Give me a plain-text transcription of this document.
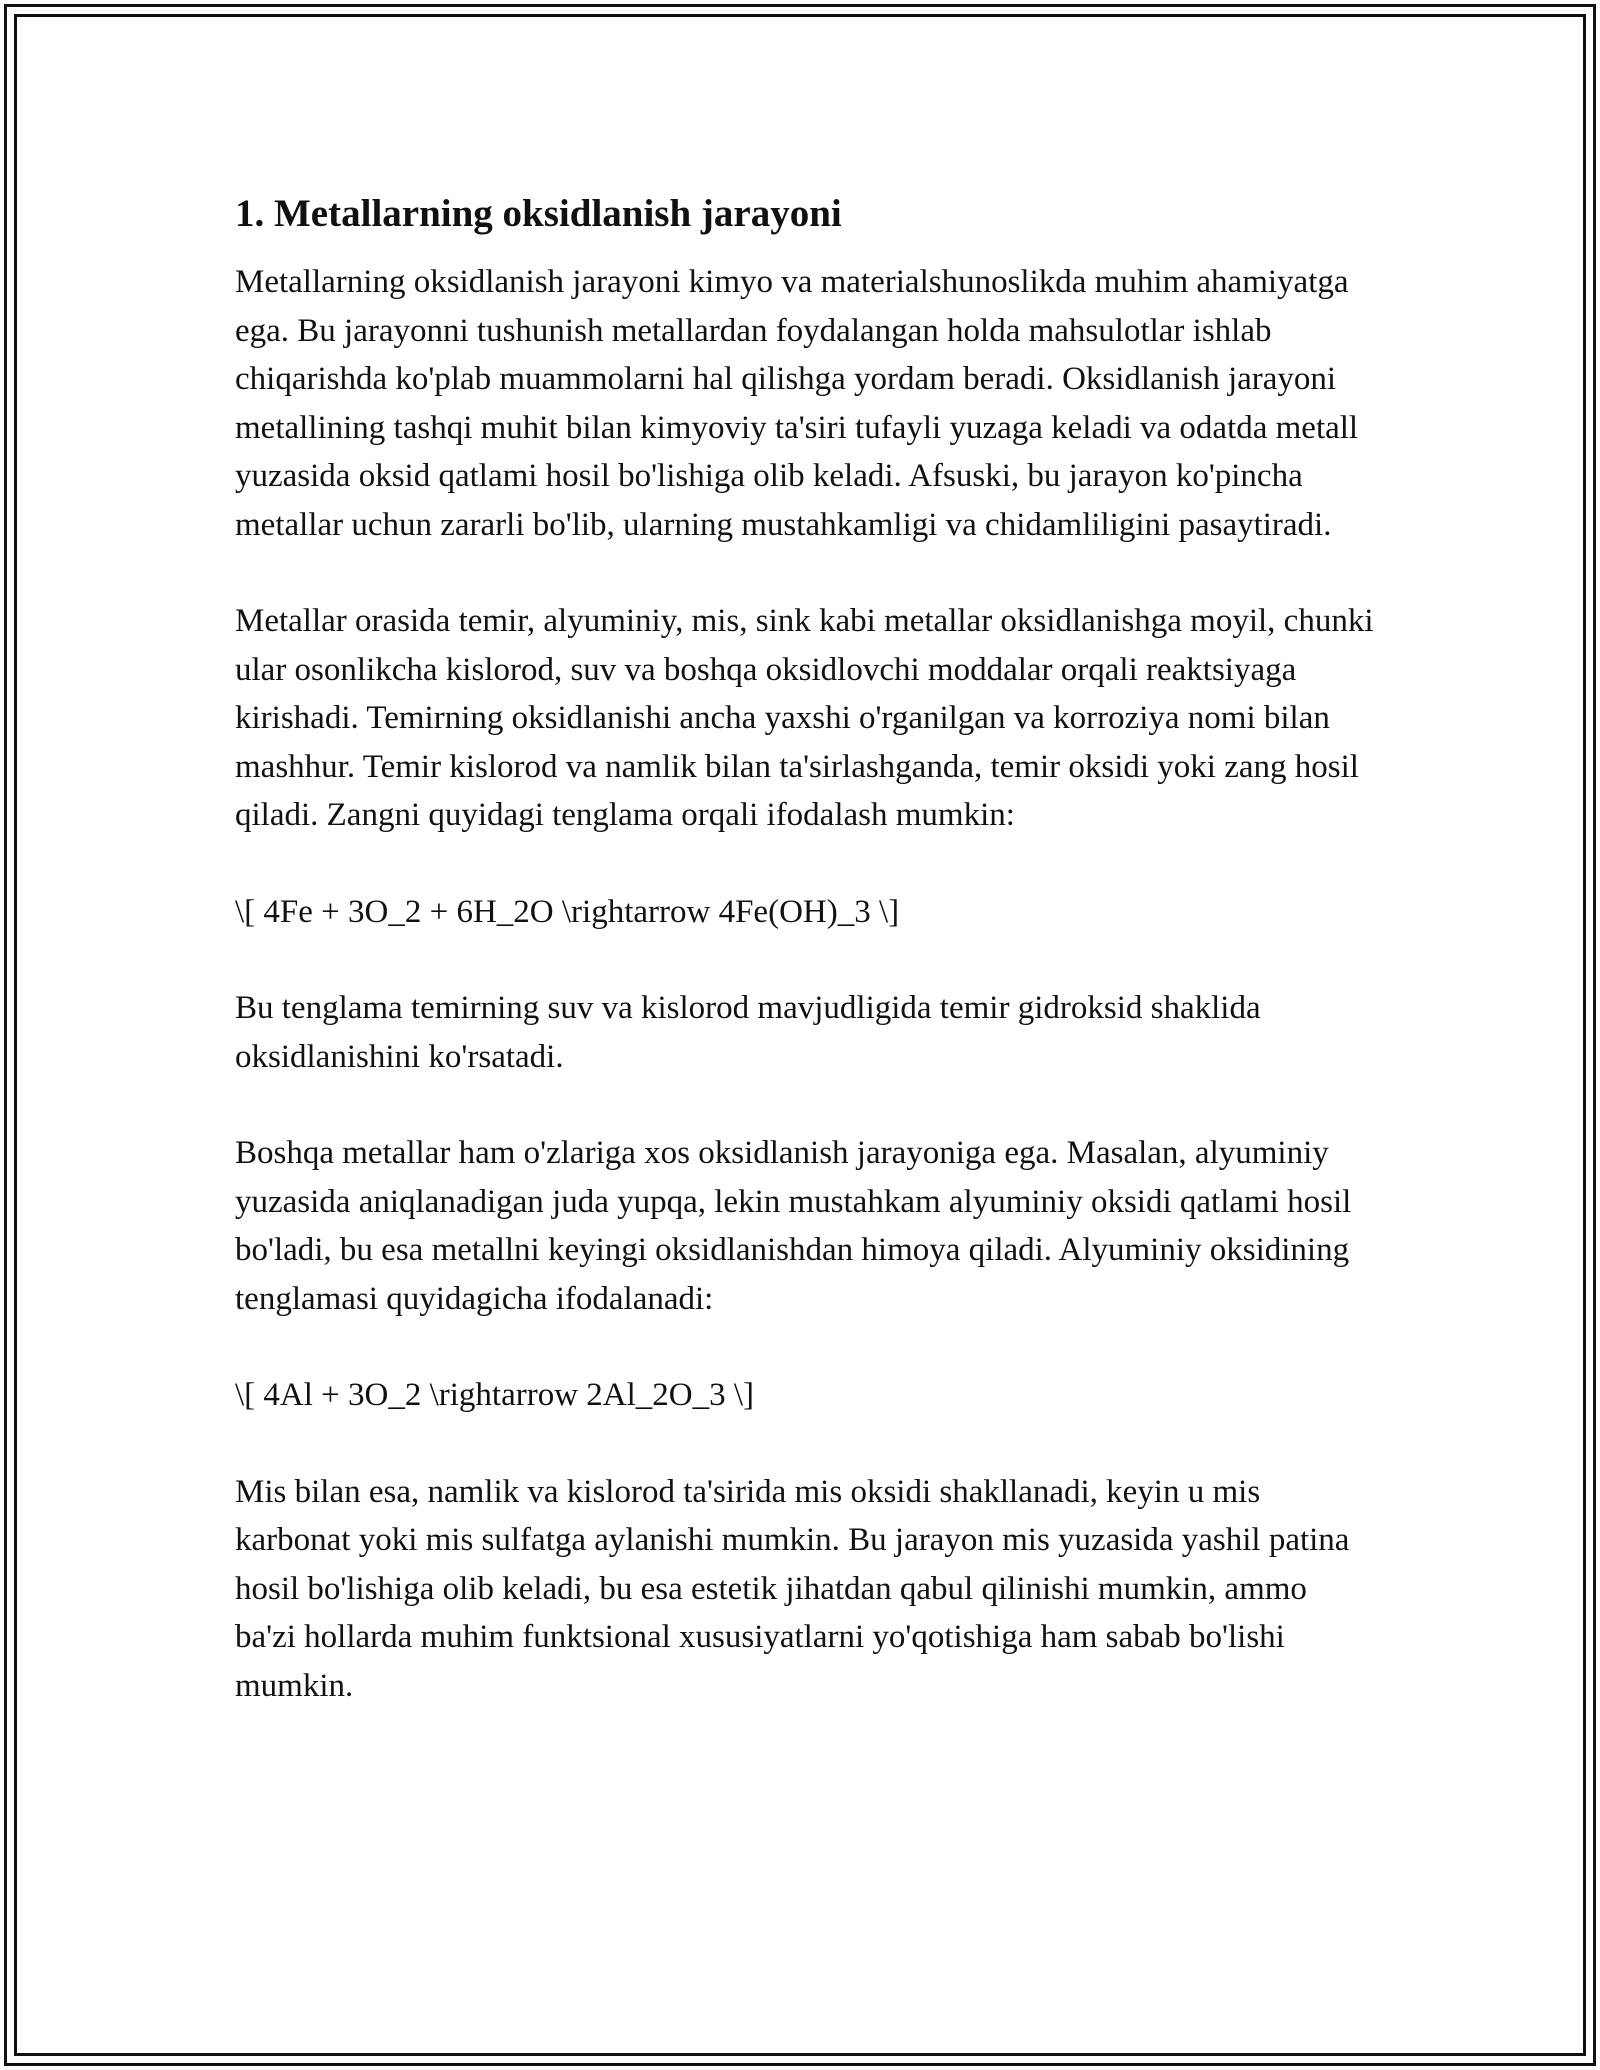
1. Metallarning oksidlanish jarayoni

Metallarning oksidlanish jarayoni kimyo va materialshunoslikda muhim ahamiyatga ega. Bu jarayonni tushunish metallardan foydalangan holda mahsulotlar ishlab chiqarishda ko'plab muammolarni hal qilishga yordam beradi. Oksidlanish jarayoni metallining tashqi muhit bilan kimyoviy ta'siri tufayli yuzaga keladi va odatda metall yuzasida oksid qatlami hosil bo'lishiga olib keladi. Afsuski, bu jarayon ko'pincha metallar uchun zararli bo'lib, ularning mustahkamligi va chidamliligini pasaytiradi.

Metallar orasida temir, alyuminiy, mis, sink kabi metallar oksidlanishga moyil, chunki ular osonlikcha kislorod, suv va boshqa oksidlovchi moddalar orqali reaktsiyaga kirishadi. Temirning oksidlanishi ancha yaxshi o'rganilgan va korroziya nomi bilan mashhur. Temir kislorod va namlik bilan ta'sirlashganda, temir oksidi yoki zang hosil qiladi. Zangni quyidagi tenglama orqali ifodalash mumkin:

\[ 4Fe + 3O_2 + 6H_2O \rightarrow 4Fe(OH)_3 \]

Bu tenglama temirning suv va kislorod mavjudligida temir gidroksid shaklida oksidlanishini ko'rsatadi.

Boshqa metallar ham o'zlariga xos oksidlanish jarayoniga ega. Masalan, alyuminiy yuzasida aniqlanadigan juda yupqa, lekin mustahkam alyuminiy oksidi qatlami hosil bo'ladi, bu esa metallni keyingi oksidlanishdan himoya qiladi. Alyuminiy oksidining tenglamasi quyidagicha ifodalanadi:

\[ 4Al + 3O_2 \rightarrow 2Al_2O_3 \]

Mis bilan esa, namlik va kislorod ta'sirida mis oksidi shakllanadi, keyin u mis karbonat yoki mis sulfatga aylanishi mumkin. Bu jarayon mis yuzasida yashil patina hosil bo'lishiga olib keladi, bu esa estetik jihatdan qabul qilinishi mumkin, ammo ba'zi hollarda muhim funktsional xususiyatlarni yo'qotishiga ham sabab bo'lishi mumkin.
